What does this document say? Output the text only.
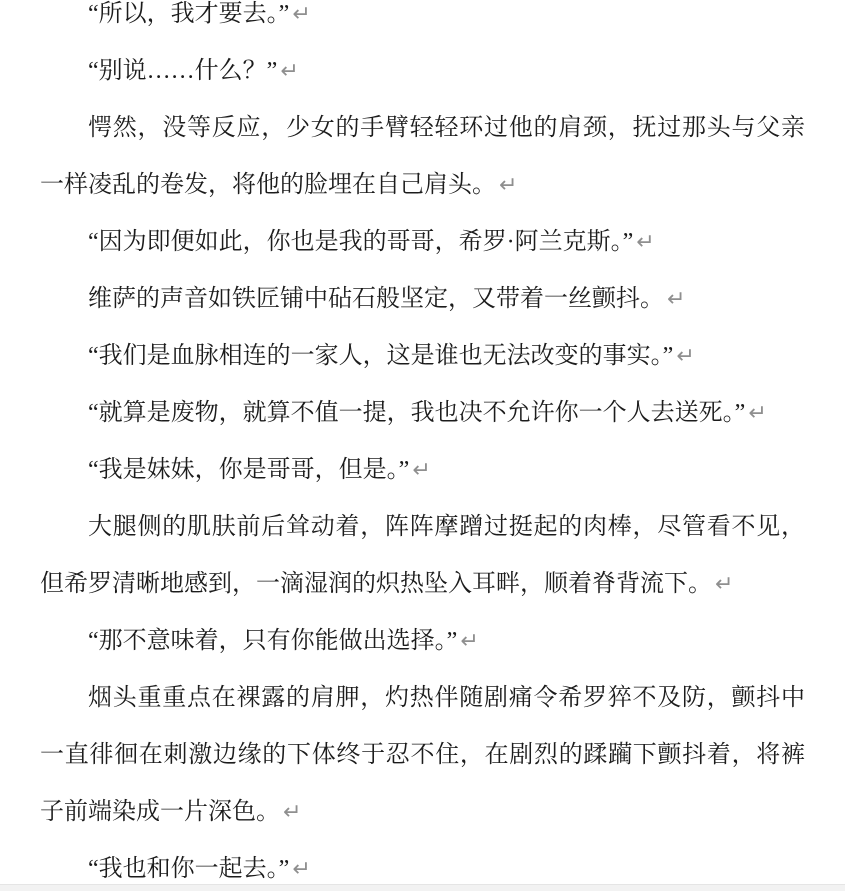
“所以，我才要去。” ↵

“别说……什么？” ↵

愕然，没等反应，少女的手臂轻轻环过他的肩颈，抚过那头与父亲一样凌乱的卷发，将他的脸埋在自己肩头。 ↵

“因为即便如此，你也是我的哥哥，希罗·阿兰克斯。” ↵

维萨的声音如铁匠铺中砧石般坚定，又带着一丝颤抖。 ↵

“我们是血脉相连的一家人，这是谁也无法改变的事实。” ↵

“就算是废物，就算不值一提，我也决不允许你一个人去送死。” ↵

“我是妹妹，你是哥哥，但是。” ↵

大腿侧的肌肤前后耸动着，阵阵摩蹭过挺起的肉棒，尽管看不见，但希罗清晰地感到，一滴湿润的炽热坠入耳畔，顺着脊背流下。 ↵

“那不意味着，只有你能做出选择。” ↵

烟头重重点在裸露的肩胛，灼热伴随剧痛令希罗猝不及防，颤抖中一直徘徊在刺激边缘的下体终于忍不住，在剧烈的蹂躏下颤抖着，将裤子前端染成一片深色。 ↵

“我也和你一起去。” ↵
